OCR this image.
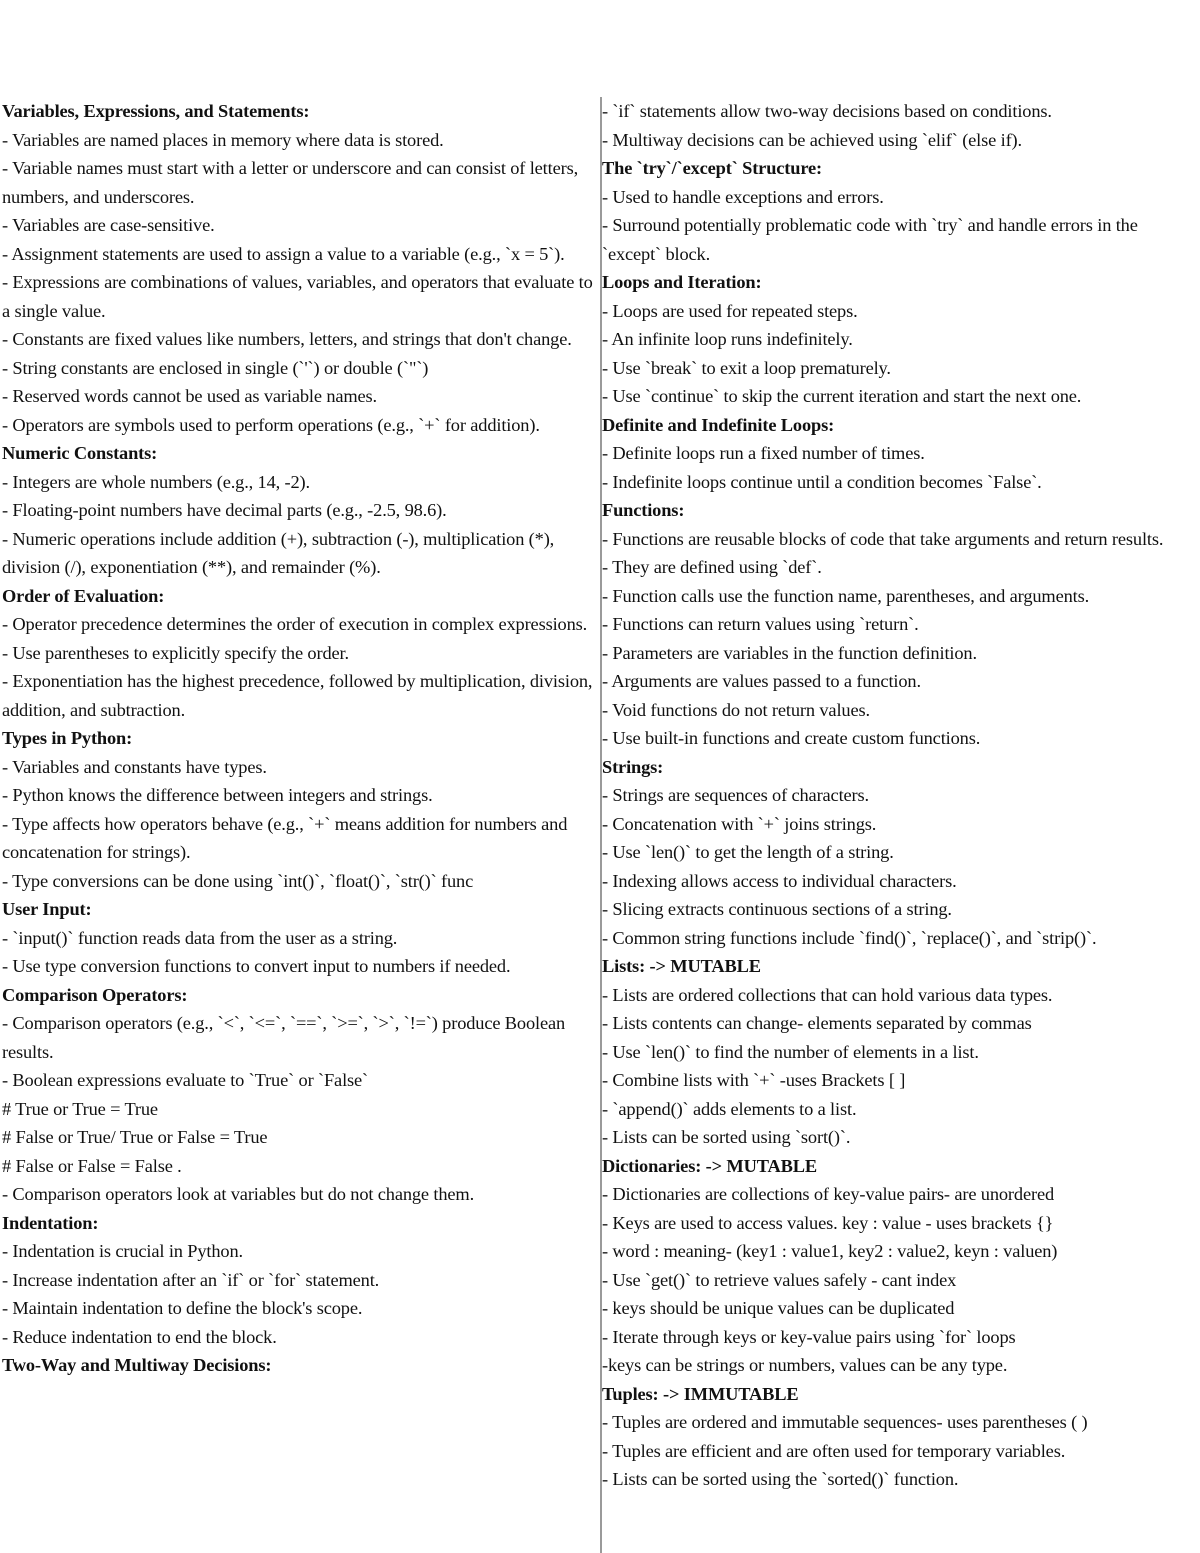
Variables, Expressions, and Statements:
- Variables are named places in memory where data is stored.
- Variable names must start with a letter or underscore and can consist of letters, numbers, and underscores.
- Variables are case-sensitive.
- Assignment statements are used to assign a value to a variable (e.g., `x = 5`).
- Expressions are combinations of values, variables, and operators that evaluate to a single value.
- Constants are fixed values like numbers, letters, and strings that don't change.
- String constants are enclosed in single (`'`) or double (`"`)
- Reserved words cannot be used as variable names.
- Operators are symbols used to perform operations (e.g., `+` for addition).
Numeric Constants:
- Integers are whole numbers (e.g., 14, -2).
- Floating-point numbers have decimal parts (e.g., -2.5, 98.6).
- Numeric operations include addition (+), subtraction (-), multiplication (*), division (/), exponentiation (**), and remainder (%).
Order of Evaluation:
- Operator precedence determines the order of execution in complex expressions.
- Use parentheses to explicitly specify the order.
- Exponentiation has the highest precedence, followed by multiplication, division, addition, and subtraction.
Types in Python:
- Variables and constants have types.
- Python knows the difference between integers and strings.
- Type affects how operators behave (e.g., `+` means addition for numbers and concatenation for strings).
- Type conversions can be done using `int()`, `float()`, `str()` func
User Input:
- `input()` function reads data from the user as a string.
- Use type conversion functions to convert input to numbers if needed.
Comparison Operators:
- Comparison operators (e.g., `<`, `<=`, `==`, `>=`, `>`, `!=`) produce Boolean results.
- Boolean expressions evaluate to `True` or `False`
# True or True = True
# False or True/ True or False = True
# False or False = False .
- Comparison operators look at variables but do not change them.
Indentation:
- Indentation is crucial in Python.
- Increase indentation after an `if` or `for` statement.
- Maintain indentation to define the block's scope.
- Reduce indentation to end the block.
Two-Way and Multiway Decisions:
- `if` statements allow two-way decisions based on conditions.
- Multiway decisions can be achieved using `elif` (else if).
The `try`/`except` Structure:
- Used to handle exceptions and errors.
- Surround potentially problematic code with `try` and handle errors in the `except` block.
Loops and Iteration:
- Loops are used for repeated steps.
- An infinite loop runs indefinitely.
- Use `break` to exit a loop prematurely.
- Use `continue` to skip the current iteration and start the next one.
Definite and Indefinite Loops:
- Definite loops run a fixed number of times.
- Indefinite loops continue until a condition becomes `False`.
Functions:
- Functions are reusable blocks of code that take arguments and return results.
- They are defined using `def`.
- Function calls use the function name, parentheses, and arguments.
- Functions can return values using `return`.
- Parameters are variables in the function definition.
- Arguments are values passed to a function.
- Void functions do not return values.
- Use built-in functions and create custom functions.
Strings:
- Strings are sequences of characters.
- Concatenation with `+` joins strings.
- Use `len()` to get the length of a string.
- Indexing allows access to individual characters.
- Slicing extracts continuous sections of a string.
- Common string functions include `find()`, `replace()`, and `strip()`.
Lists: -> MUTABLE
- Lists are ordered collections that can hold various data types.
- Lists contents can change- elements separated by commas
- Use `len()` to find the number of elements in a list.
- Combine lists with `+` -uses Brackets [ ]
- `append()` adds elements to a list.
- Lists can be sorted using `sort()`.
Dictionaries: -> MUTABLE
- Dictionaries are collections of key-value pairs- are unordered
- Keys are used to access values. key : value - uses brackets {}
- word : meaning- (key1 : value1, key2 : value2, keyn : valuen)
- Use `get()` to retrieve values safely - cant index
- keys should be unique values can be duplicated
- Iterate through keys or key-value pairs using `for` loops
-keys can be strings or numbers, values can be any type.
Tuples: -> IMMUTABLE
- Tuples are ordered and immutable sequences- uses parentheses ( )
- Tuples are efficient and are often used for temporary variables.
- Lists can be sorted using the `sorted()` function.
